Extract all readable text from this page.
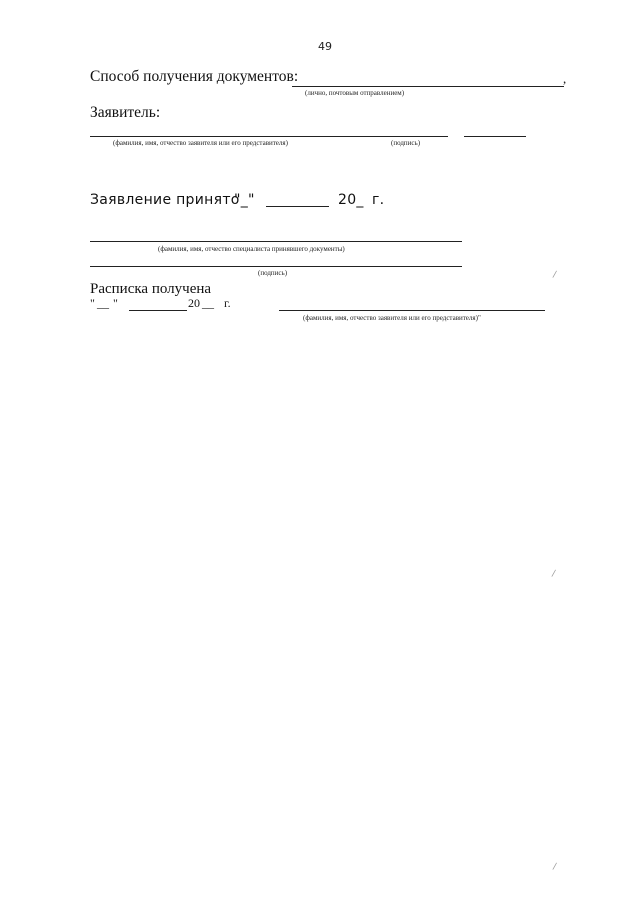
49
Способ получения документов:	,
(лично, почтовым отправлением)
Заявитель:
(фамилия, имя, отчество заявителя или его представителя)	(подпись)
Заявление принято
"_"	20_ г.
(фамилия, имя, отчество специалиста принявшего документы)
(подпись)
Расписка получена
" __ "	20 __ г.
(фамилия, имя, отчество заявителя или его представителя)"
/
/
/
